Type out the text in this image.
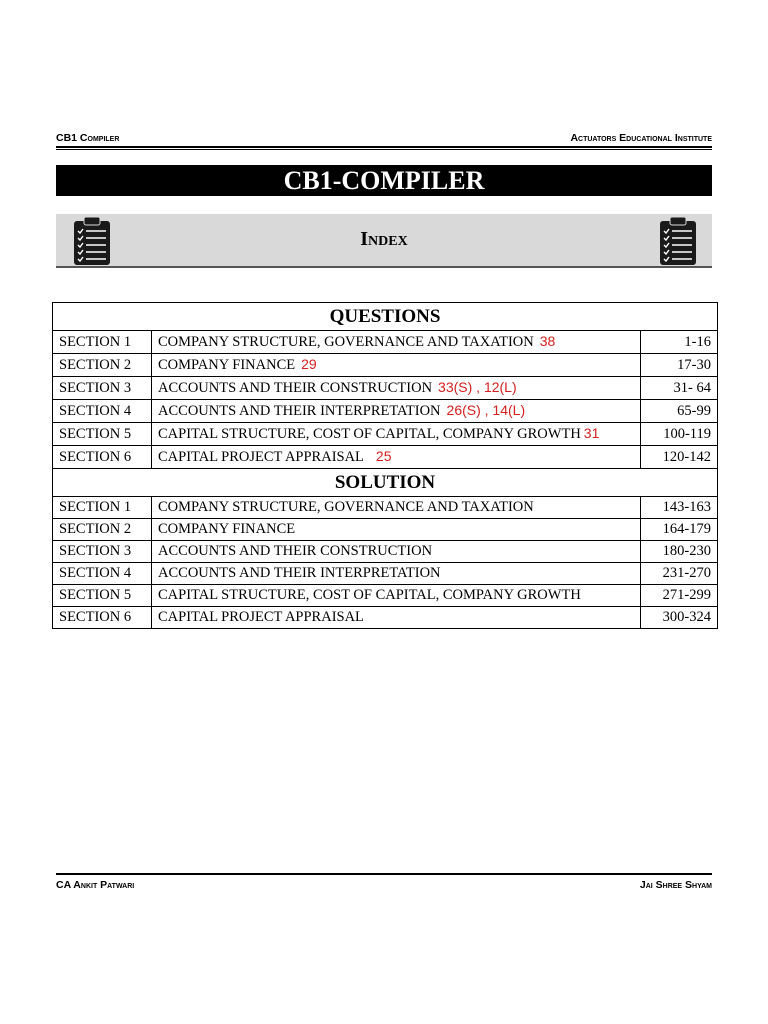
CB1 Compiler	Actuators Educational Institute
CB1-COMPILER
Index
QUESTIONS		
SECTION 1	COMPANY STRUCTURE, GOVERNANCE AND TAXATION 38	1-16
SECTION 2	COMPANY FINANCE 29	17-30
SECTION 3	ACCOUNTS AND THEIR CONSTRUCTION 33(S) , 12(L)	31- 64
SECTION 4	ACCOUNTS AND THEIR INTERPRETATION 26(S) , 14(L)	65-99
SECTION 5	CAPITAL STRUCTURE, COST OF CAPITAL, COMPANY GROWTH 31	100-119
SECTION 6	CAPITAL PROJECT APPRAISAL 25	120-142
SOLUTION		
SECTION 1	COMPANY STRUCTURE, GOVERNANCE AND TAXATION	143-163
SECTION 2	COMPANY FINANCE	164-179
SECTION 3	ACCOUNTS AND THEIR CONSTRUCTION	180-230
SECTION 4	ACCOUNTS AND THEIR INTERPRETATION	231-270
SECTION 5	CAPITAL STRUCTURE, COST OF CAPITAL, COMPANY GROWTH	271-299
SECTION 6	CAPITAL PROJECT APPRAISAL	300-324
CA Ankit Patwari	Jai Shree Shyam
